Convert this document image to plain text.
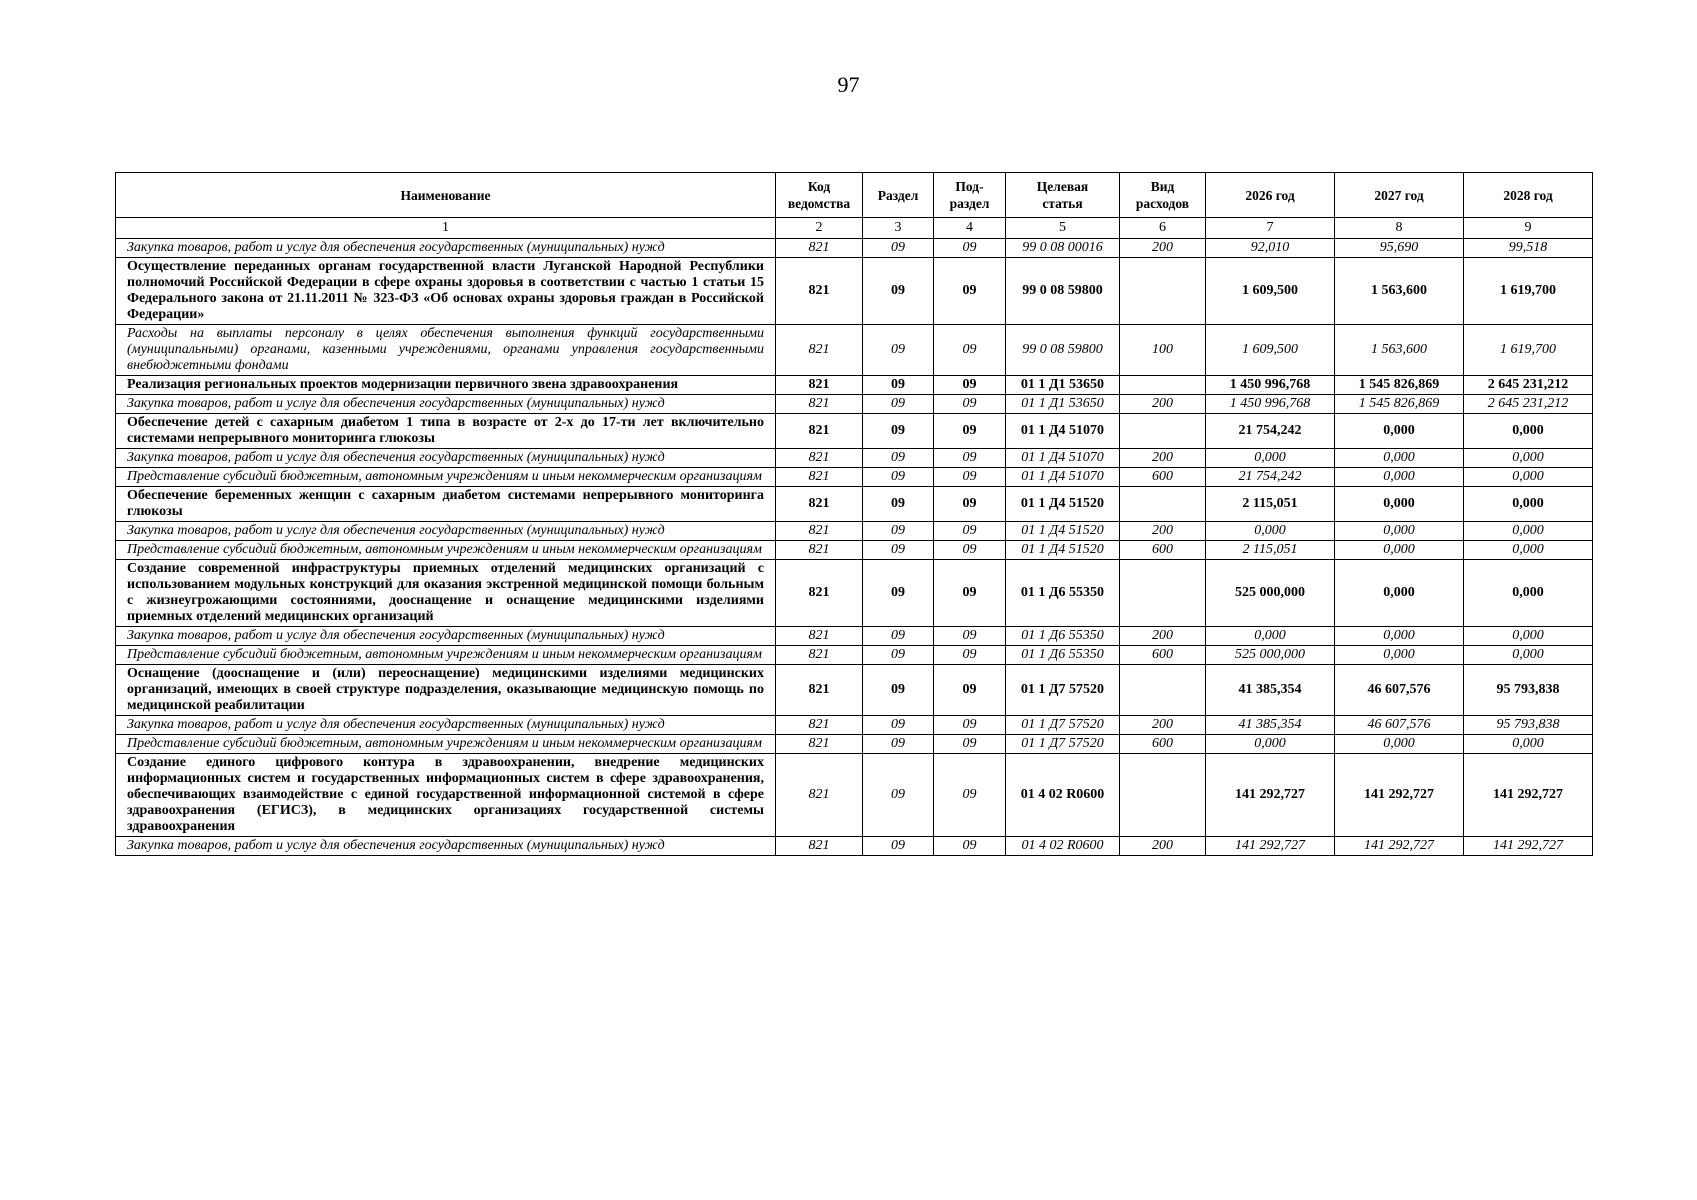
97
Наименование	Код ведомства	Раздел	Под-раздел	Целевая статья	Вид расходов	2026 год	2027 год	2028 год
1	2	3	4	5	6	7	8	9
Закупка товаров, работ и услуг для обеспечения государственных (муниципальных) нужд	821	09	09	99 0 08 00016	200	92,010	95,690	99,518
Осуществление переданных органам государственной власти Луганской Народной Республики полномочий Российской Федерации в сфере охраны здоровья в соответствии с частью 1 статьи 15 Федерального закона от 21.11.2011 № 323-ФЗ «Об основах охраны здоровья граждан в Российской Федерации»	821	09	09	99 0 08 59800		1 609,500	1 563,600	1 619,700
Расходы на выплаты персоналу в целях обеспечения выполнения функций государственными (муниципальными) органами, казенными учреждениями, органами управления государственными внебюджетными фондами	821	09	09	99 0 08 59800	100	1 609,500	1 563,600	1 619,700
Реализация региональных проектов модернизации первичного звена здравоохранения	821	09	09	01 1 Д1 53650		1 450 996,768	1 545 826,869	2 645 231,212
Закупка товаров, работ и услуг для обеспечения государственных (муниципальных) нужд	821	09	09	01 1 Д1 53650	200	1 450 996,768	1 545 826,869	2 645 231,212
Обеспечение детей с сахарным диабетом 1 типа в возрасте от 2-х до 17-ти лет включительно системами непрерывного мониторинга глюкозы	821	09	09	01 1 Д4 51070		21 754,242	0,000	0,000
Закупка товаров, работ и услуг для обеспечения государственных (муниципальных) нужд	821	09	09	01 1 Д4 51070	200	0,000	0,000	0,000
Представление субсидий бюджетным, автономным учреждениям и иным некоммерческим организациям	821	09	09	01 1 Д4 51070	600	21 754,242	0,000	0,000
Обеспечение беременных женщин с сахарным диабетом системами непрерывного мониторинга глюкозы	821	09	09	01 1 Д4 51520		2 115,051	0,000	0,000
Закупка товаров, работ и услуг для обеспечения государственных (муниципальных) нужд	821	09	09	01 1 Д4 51520	200	0,000	0,000	0,000
Представление субсидий бюджетным, автономным учреждениям и иным некоммерческим организациям	821	09	09	01 1 Д4 51520	600	2 115,051	0,000	0,000
Создание современной инфраструктуры приемных отделений медицинских организаций с использованием модульных конструкций для оказания экстренной медицинской помощи больным с жизнеугрожающими состояниями, дооснащение и оснащение медицинскими изделиями приемных отделений медицинских организаций	821	09	09	01 1 Д6 55350		525 000,000	0,000	0,000
Закупка товаров, работ и услуг для обеспечения государственных (муниципальных) нужд	821	09	09	01 1 Д6 55350	200	0,000	0,000	0,000
Представление субсидий бюджетным, автономным учреждениям и иным некоммерческим организациям	821	09	09	01 1 Д6 55350	600	525 000,000	0,000	0,000
Оснащение (дооснащение и (или) переоснащение) медицинскими изделиями медицинских организаций, имеющих в своей структуре подразделения, оказывающие медицинскую помощь по медицинской реабилитации	821	09	09	01 1 Д7 57520		41 385,354	46 607,576	95 793,838
Закупка товаров, работ и услуг для обеспечения государственных (муниципальных) нужд	821	09	09	01 1 Д7 57520	200	41 385,354	46 607,576	95 793,838
Представление субсидий бюджетным, автономным учреждениям и иным некоммерческим организациям	821	09	09	01 1 Д7 57520	600	0,000	0,000	0,000
Создание единого цифрового контура в здравоохранении, внедрение медицинских информационных систем и государственных информационных систем в сфере здравоохранения, обеспечивающих взаимодействие с единой государственной информационной системой в сфере здравоохранения (ЕГИСЗ), в медицинских организациях государственной системы здравоохранения	821	09	09	01 4 02 R0600		141 292,727	141 292,727	141 292,727
Закупка товаров, работ и услуг для обеспечения государственных (муниципальных) нужд	821	09	09	01 4 02 R0600	200	141 292,727	141 292,727	141 292,727
